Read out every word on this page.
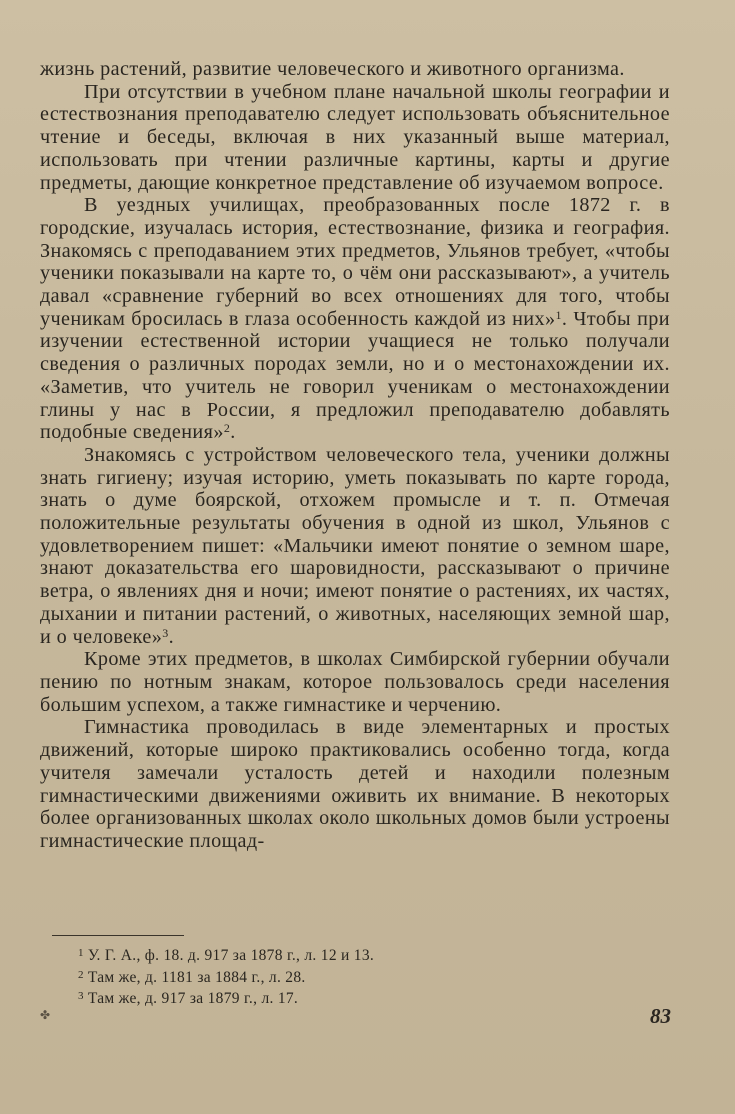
жизнь растений, развитие человеческого и животного организма.

При отсутствии в учебном плане начальной школы географии и естествознания преподавателю следует использовать объяснительное чтение и беседы, включая в них указанный выше материал, использовать при чтении различные картины, карты и другие предметы, дающие конкретное представление об изучаемом вопросе.

В уездных училищах, преобразованных после 1872 г. в городские, изучалась история, естествознание, физика и география. Знакомясь с преподаванием этих предметов, Ульянов требует, «чтобы ученики показывали на карте то, о чём они рассказывают», а учитель давал «сравнение губерний во всех отношениях для того, чтобы ученикам бросилась в глаза особенность каждой из них»$^1$. Чтобы при изучении естественной истории учащиеся не только получали сведения о различных породах земли, но и о местонахождении их. «Заметив, что учитель не говорил ученикам о местонахождении глины у нас в России, я предложил преподавателю добавлять подобные сведения»$^2$.

Знакомясь с устройством человеческого тела, ученики должны знать гигиену; изучая историю, уметь показывать по карте города, знать о думе боярской, отхожем промысле и т. п. Отмечая положительные результаты обучения в одной из школ, Ульянов с удовлетворением пишет: «Мальчики имеют понятие о земном шаре, знают доказательства его шаровидности, рассказывают о причине ветра, о явлениях дня и ночи; имеют понятие о растениях, их частях, дыхании и питании растений, о животных, населяющих земной шар, и о человеке»$^3$.

Кроме этих предметов, в школах Симбирской губернии обучали пению по нотным знакам, которое пользовалось среди населения большим успехом, а также гимнастике и черчению.

Гимнастика проводилась в виде элементарных и простых движений, которые широко практиковались особенно тогда, когда учителя замечали усталость детей и находили полезным гимнастическими движениями оживить их внимание. В некоторых более организованных школах около школьных домов были устроены гимнастические площад-

$^1$ У. Г. А., ф. 18. д. 917 за 1878 г., л. 12 и 13.
$^2$ Там же, д. 1181 за 1884 г., л. 28.
$^3$ Там же, д. 917 за 1879 г., л. 17.
✤	83
